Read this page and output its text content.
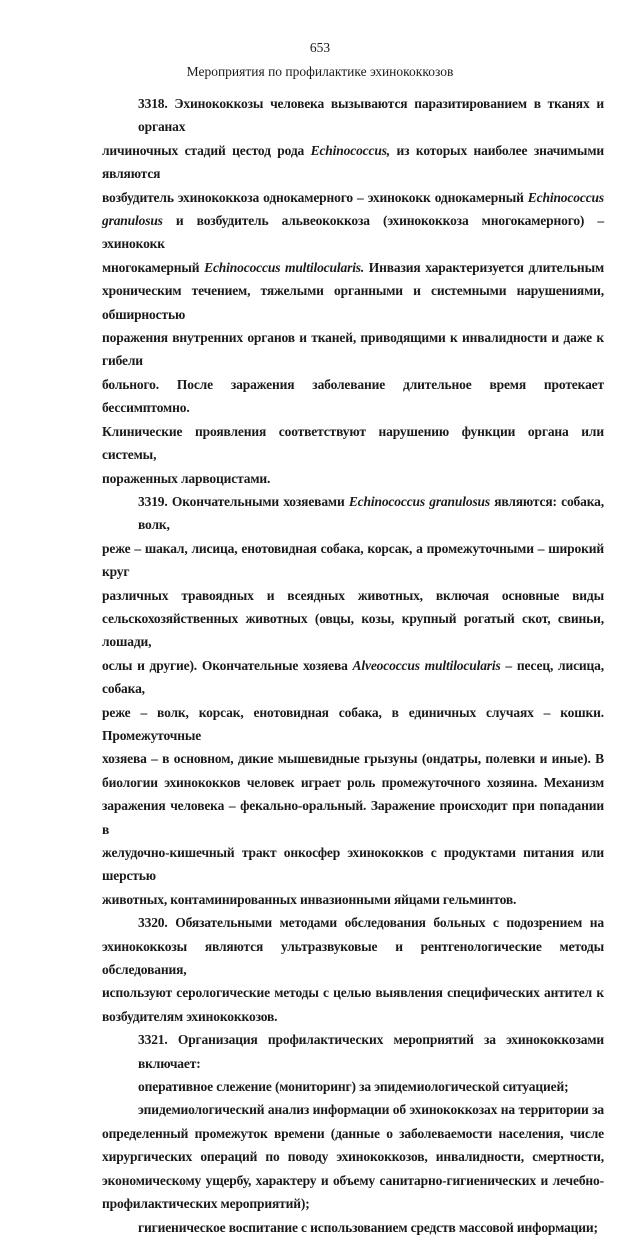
653
Мероприятия по профилактике эхинококкозов
3318. Эхинококкозы человека вызываются паразитированием в тканях и органах
личиночных стадий цестод рода Echinococcus, из которых наиболее значимыми являются
возбудитель эхинококкоза однокамерного – эхинококк однокамерный Echinococcus
granulosus и возбудитель альвеококкоза (эхинококкоза многокамерного) – эхинококк
многокамерный Echinococcus multilocularis. Инвазия характеризуется длительным
хроническим течением, тяжелыми органными и системными нарушениями, обширностью
поражения внутренних органов и тканей, приводящими к инвалидности и даже к гибели
больного. После заражения заболевание длительное время протекает бессимптомно.
Клинические проявления соответствуют нарушению функции органа или системы,
пораженных ларвоцистами.
3319. Окончательными хозяевами Echinococcus granulosus являются: собака, волк,
реже – шакал, лисица, енотовидная собака, корсак, а промежуточными – широкий круг
различных травоядных и всеядных животных, включая основные виды
сельскохозяйственных животных (овцы, козы, крупный рогатый скот, свиньи, лошади,
ослы и другие). Окончательные хозяева Alveococcus multilocularis – песец, лисица, собака,
реже – волк, корсак, енотовидная собака, в единичных случаях – кошки. Промежуточные
хозяева – в основном, дикие мышевидные грызуны (ондатры, полевки и иные). В
биологии эхинококков человек играет роль промежуточного хозяина. Механизм
заражения человека – фекально-оральный. Заражение происходит при попадании в
желудочно-кишечный тракт онкосфер эхинококков с продуктами питания или шерстью
животных, контаминированных инвазионными яйцами гельминтов.
3320. Обязательными методами обследования больных с подозрением на
эхинококкозы являются ультразвуковые и рентгенологические методы обследования,
используют серологические методы с целью выявления специфических антител к
возбудителям эхинококкозов.
3321. Организация профилактических мероприятий за эхинококкозами включает:
оперативное слежение (мониторинг) за эпидемиологической ситуацией;
эпидемиологический анализ информации об эхинококкозах на территории за
определенный промежуток времени (данные о заболеваемости населения, числе
хирургических операций по поводу эхинококкозов, инвалидности, смертности,
экономическому ущербу, характеру и объему санитарно-гигиенических и лечебно-
профилактических мероприятий);
гигиеническое воспитание с использованием средств массовой информации;
